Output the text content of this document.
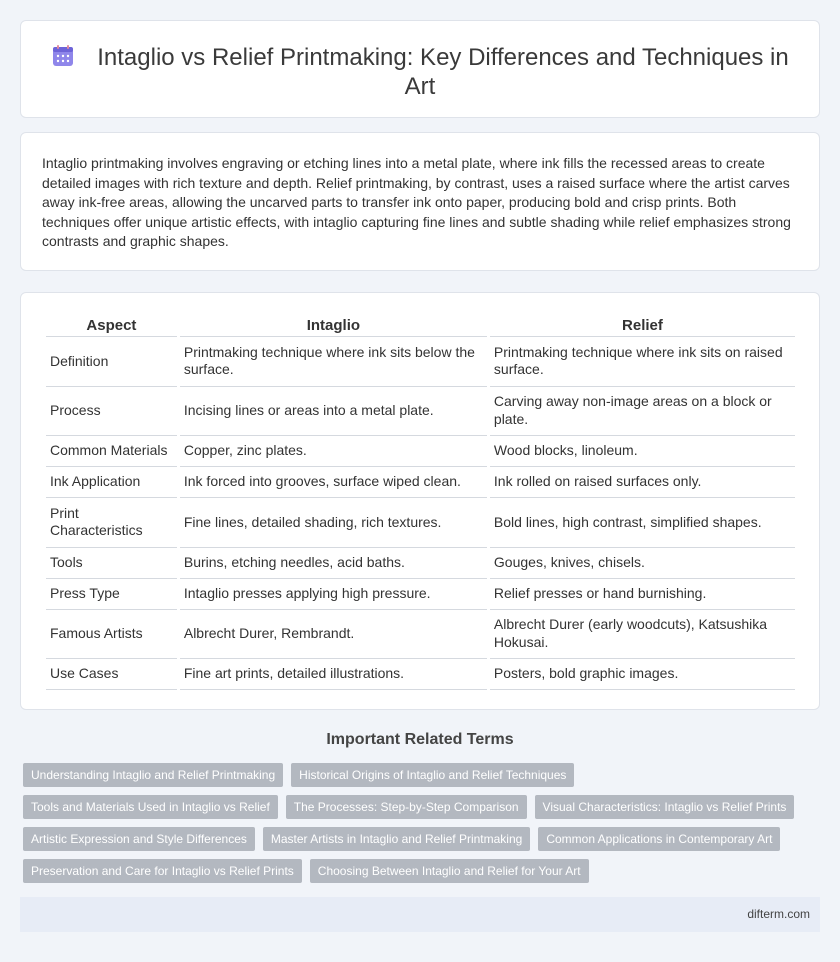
Intaglio vs Relief Printmaking: Key Differences and Techniques in Art

Intaglio printmaking involves engraving or etching lines into a metal plate, where ink fills the recessed areas to create detailed images with rich texture and depth. Relief printmaking, by contrast, uses a raised surface where the artist carves away ink-free areas, allowing the uncarved parts to transfer ink onto paper, producing bold and crisp prints. Both techniques offer unique artistic effects, with intaglio capturing fine lines and subtle shading while relief emphasizes strong contrasts and graphic shapes.

Aspect	Intaglio	Relief
Definition	Printmaking technique where ink sits below the surface.	Printmaking technique where ink sits on raised surface.
Process	Incising lines or areas into a metal plate.	Carving away non-image areas on a block or plate.
Common Materials	Copper, zinc plates.	Wood blocks, linoleum.
Ink Application	Ink forced into grooves, surface wiped clean.	Ink rolled on raised surfaces only.
Print Characteristics	Fine lines, detailed shading, rich textures.	Bold lines, high contrast, simplified shapes.
Tools	Burins, etching needles, acid baths.	Gouges, knives, chisels.
Press Type	Intaglio presses applying high pressure.	Relief presses or hand burnishing.
Famous Artists	Albrecht Durer, Rembrandt.	Albrecht Durer (early woodcuts), Katsushika Hokusai.
Use Cases	Fine art prints, detailed illustrations.	Posters, bold graphic images.
Important Related Terms
Understanding Intaglio and Relief Printmaking	Historical Origins of Intaglio and Relief Techniques
Tools and Materials Used in Intaglio vs Relief	The Processes: Step-by-Step Comparison	Visual Characteristics: Intaglio vs Relief Prints
Artistic Expression and Style Differences	Master Artists in Intaglio and Relief Printmaking	Common Applications in Contemporary Art
Preservation and Care for Intaglio vs Relief Prints	Choosing Between Intaglio and Relief for Your Art
difterm.com
